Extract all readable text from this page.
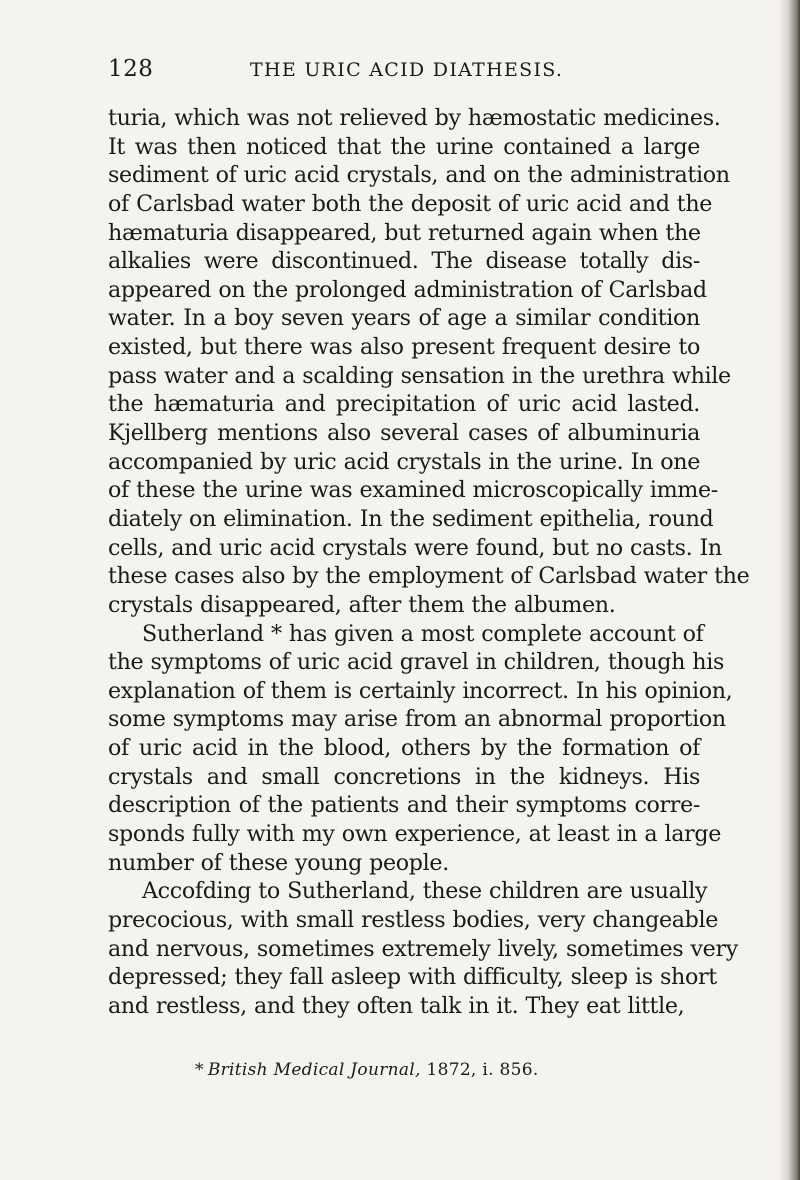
128	THE URIC ACID DIATHESIS.
turia, which was not relieved by hæmostatic medicines.
It was then noticed that the urine contained a large
sediment of uric acid crystals, and on the administration
of Carlsbad water both the deposit of uric acid and the
hæmaturia disappeared, but returned again when the
alkalies were discontinued. The disease totally dis-
appeared on the prolonged administration of Carlsbad
water. In a boy seven years of age a similar condition
existed, but there was also present frequent desire to
pass water and a scalding sensation in the urethra while
the hæmaturia and precipitation of uric acid lasted.
Kjellberg mentions also several cases of albuminuria
accompanied by uric acid crystals in the urine. In one
of these the urine was examined microscopically imme-
diately on elimination. In the sediment epithelia, round
cells, and uric acid crystals were found, but no casts. In
these cases also by the employment of Carlsbad water the
crystals disappeared, after them the albumen.
Sutherland * has given a most complete account of
the symptoms of uric acid gravel in children, though his
explanation of them is certainly incorrect. In his opinion,
some symptoms may arise from an abnormal proportion
of uric acid in the blood, others by the formation of
crystals and small concretions in the kidneys. His
description of the patients and their symptoms corre-
sponds fully with my own experience, at least in a large
number of these young people.
Accofding to Sutherland, these children are usually
precocious, with small restless bodies, very changeable
and nervous, sometimes extremely lively, sometimes very
depressed; they fall asleep with difficulty, sleep is short
and restless, and they often talk in it. They eat little,
* British Medical Journal, 1872, i. 856.
